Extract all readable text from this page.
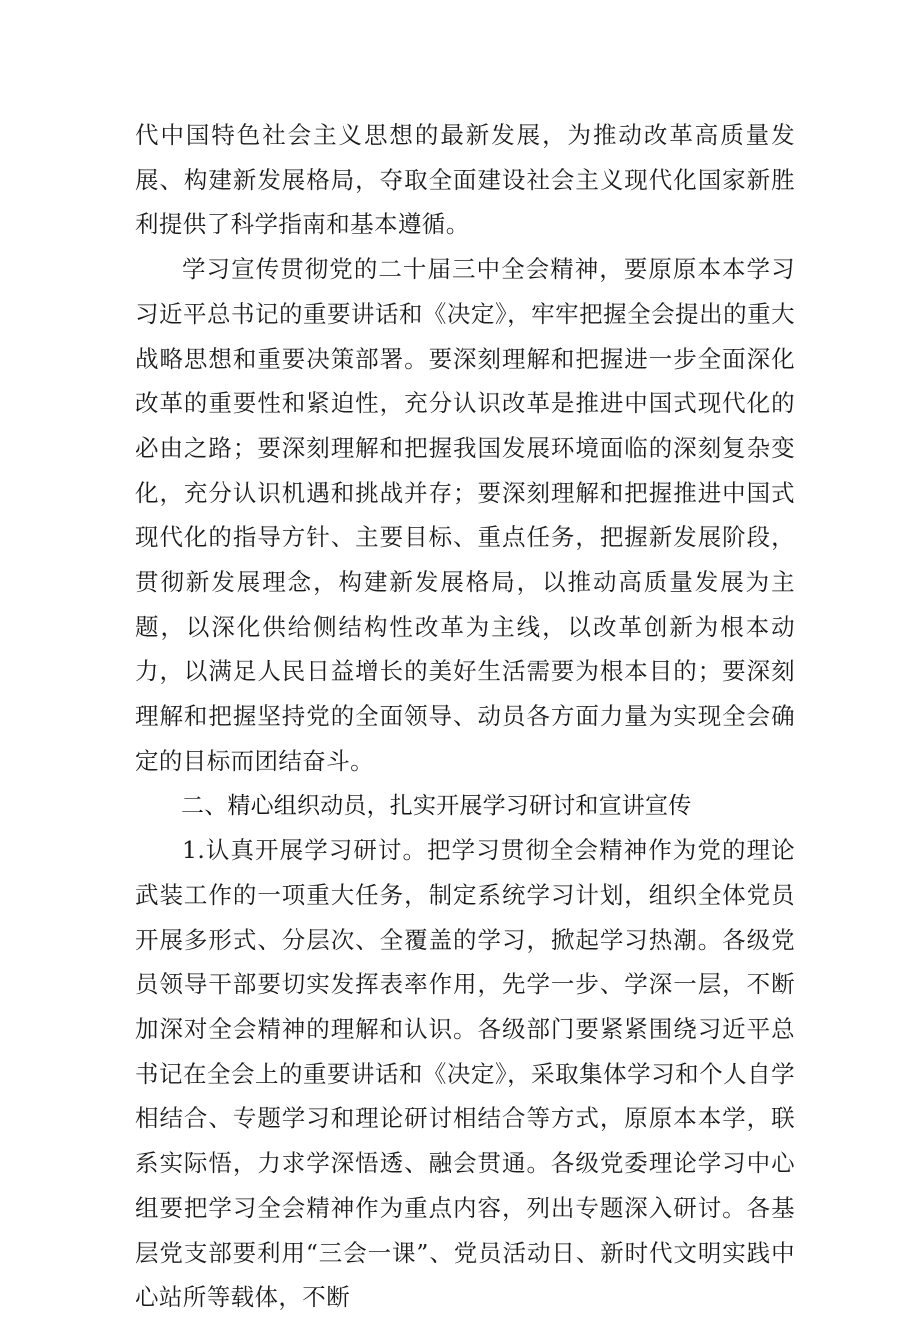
代中国特色社会主义思想的最新发展，为推动改革高质量发展、构建新发展格局，夺取全面建设社会主义现代化国家新胜利提供了科学指南和基本遵循。

学习宣传贯彻党的二十届三中全会精神，要原原本本学习习近平总书记的重要讲话和《决定》，牢牢把握全会提出的重大战略思想和重要决策部署。要深刻理解和把握进一步全面深化改革的重要性和紧迫性，充分认识改革是推进中国式现代化的必由之路；要深刻理解和把握我国发展环境面临的深刻复杂变化，充分认识机遇和挑战并存；要深刻理解和把握推进中国式现代化的指导方针、主要目标、重点任务，把握新发展阶段，贯彻新发展理念，构建新发展格局，以推动高质量发展为主题，以深化供给侧结构性改革为主线，以改革创新为根本动力，以满足人民日益增长的美好生活需要为根本目的；要深刻理解和把握坚持党的全面领导、动员各方面力量为实现全会确定的目标而团结奋斗。

二、精心组织动员，扎实开展学习研讨和宣讲宣传

1.认真开展学习研讨。把学习贯彻全会精神作为党的理论武装工作的一项重大任务，制定系统学习计划，组织全体党员开展多形式、分层次、全覆盖的学习，掀起学习热潮。各级党员领导干部要切实发挥表率作用，先学一步、学深一层，不断加深对全会精神的理解和认识。各级部门要紧紧围绕习近平总书记在全会上的重要讲话和《决定》，采取集体学习和个人自学相结合、专题学习和理论研讨相结合等方式，原原本本学，联系实际悟，力求学深悟透、融会贯通。各级党委理论学习中心组要把学习全会精神作为重点内容，列出专题深入研讨。各基层党支部要利用“三会一课”、党员活动日、新时代文明实践中心站所等载体，不断
